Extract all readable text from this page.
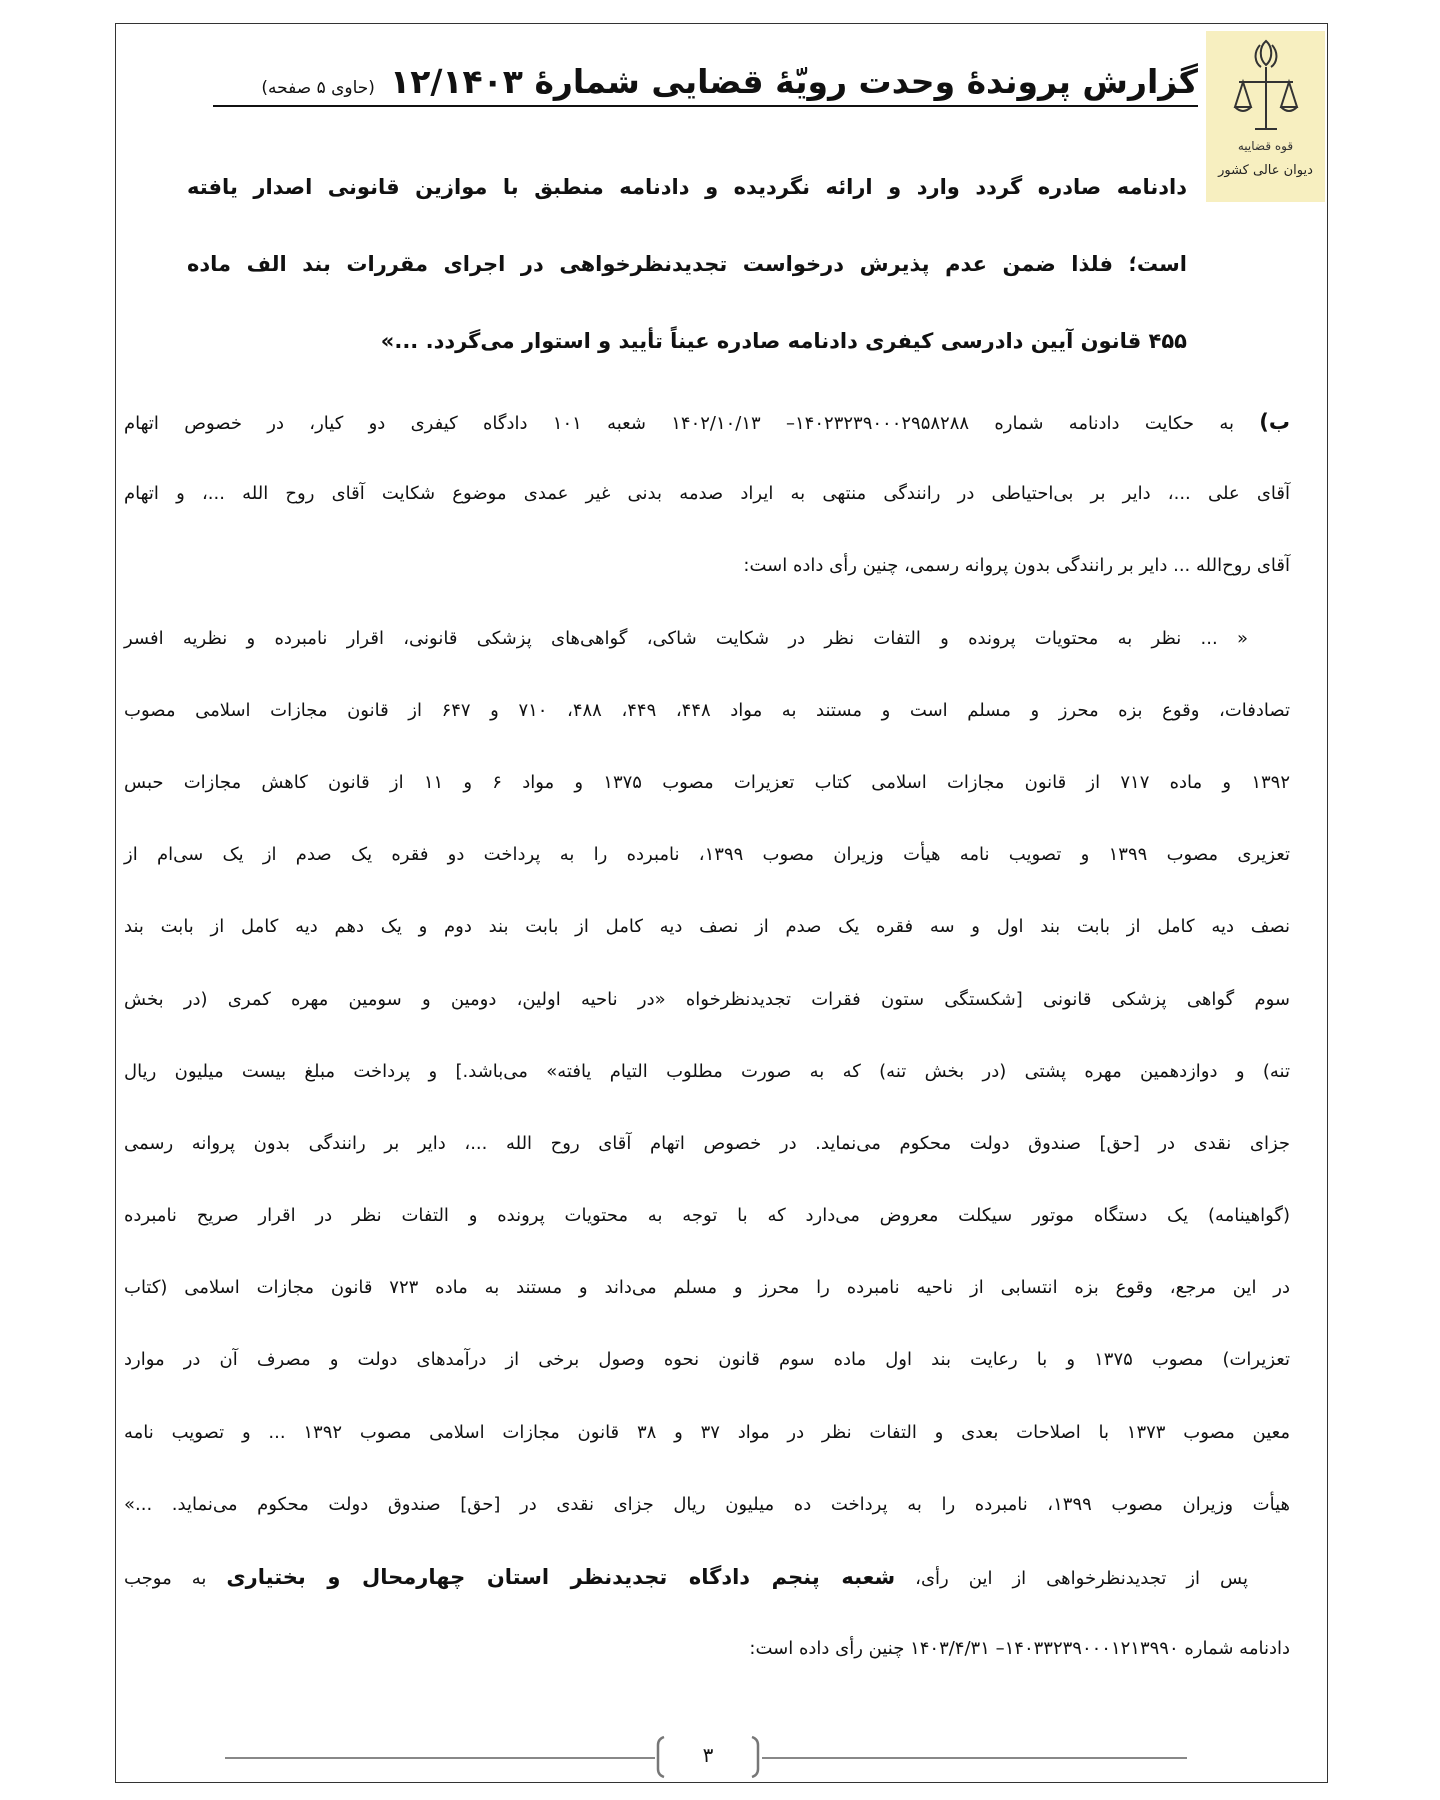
قوه قضاییه
دیوان عالی کشور
گزارش پروندهٔ وحدت رویّهٔ قضایی شمارهٔ ۱۲/۱۴۰۳ (حاوی ۵ صفحه)
دادنامه صادره گردد وارد و ارائه نگردیده و دادنامه منطبق با موازین قانونی اصدار یافته
است؛ فلذا ضمن عدم پذیرش درخواست تجدیدنظرخواهی در اجرای مقررات بند الف ماده
۴۵۵ قانون آیین دادرسی کیفری دادنامه صادره عیناً تأیید و استوار می‌گردد. ...»
ب) به حکایت دادنامه شماره ۱۴۰۲۳۲۳۹۰۰۰۲۹۵۸۲۸۸– ۱۴۰۲/۱۰/۱۳ شعبه ۱۰۱ دادگاه کیفری دو کیار، در خصوص اتهام
آقای علی ...، دایر بر بی‌احتیاطی در رانندگی منتهی به ایراد صدمه بدنی غیر عمدی موضوع شکایت آقای روح الله ...، و اتهام
آقای روح‌الله ... دایر بر رانندگی بدون پروانه رسمی، چنین رأی داده است:
« ... نظر به محتویات پرونده و التفات نظر در شکایت شاکی، گواهی‌های پزشکی قانونی، اقرار نامبرده و نظریه افسر
تصادفات، وقوع بزه محرز و مسلم است و مستند به مواد ۴۴۸، ۴۴۹، ۴۸۸، ۷۱۰ و ۶۴۷ از قانون مجازات اسلامی مصوب
۱۳۹۲ و ماده ۷۱۷ از قانون مجازات اسلامی کتاب تعزیرات مصوب ۱۳۷۵ و مواد ۶ و ۱۱ از قانون کاهش مجازات حبس
تعزیری مصوب ۱۳۹۹ و تصویب نامه هیأت وزیران مصوب ۱۳۹۹، نامبرده را به پرداخت دو فقره یک صدم از یک سی‌ام از
نصف دیه کامل از بابت بند اول و سه فقره یک صدم از نصف دیه کامل از بابت بند دوم و یک دهم دیه کامل از بابت بند
سوم گواهی پزشکی قانونی [شکستگی ستون فقرات تجدیدنظرخواه «در ناحیه اولین، دومین و سومین مهره کمری (در بخش
تنه) و دوازدهمین مهره پشتی (در بخش تنه) که به صورت مطلوب التیام یافته» می‌باشد.] و پرداخت مبلغ بیست میلیون ریال
جزای نقدی در [حق] صندوق دولت محکوم می‌نماید. در خصوص اتهام آقای روح الله ...، دایر بر رانندگی بدون پروانه رسمی
(گواهینامه) یک دستگاه موتور سیکلت معروض می‌دارد که با توجه به محتویات پرونده و التفات نظر در اقرار صریح نامبرده
در این مرجع، وقوع بزه انتسابی از ناحیه نامبرده را محرز و مسلم می‌داند و مستند به ماده ۷۲۳ قانون مجازات اسلامی (کتاب
تعزیرات) مصوب ۱۳۷۵ و با رعایت بند اول ماده سوم قانون نحوه وصول برخی از درآمدهای دولت و مصرف آن در موارد
معین مصوب ۱۳۷۳ با اصلاحات بعدی و التفات نظر در مواد ۳۷ و ۳۸ قانون مجازات اسلامی مصوب ۱۳۹۲ ... و تصویب نامه
هیأت وزیران مصوب ۱۳۹۹، نامبرده را به پرداخت ده میلیون ریال جزای نقدی در [حق] صندوق دولت محکوم می‌نماید. ...»
پس از تجدیدنظرخواهی از این رأی، شعبه پنجم دادگاه تجدیدنظر استان چهارمحال و بختیاری به موجب
دادنامه شماره ۱۴۰۳۳۲۳۹۰۰۰۱۲۱۳۹۹۰– ۱۴۰۳/۴/۳۱ چنین رأی داده است:
۳
